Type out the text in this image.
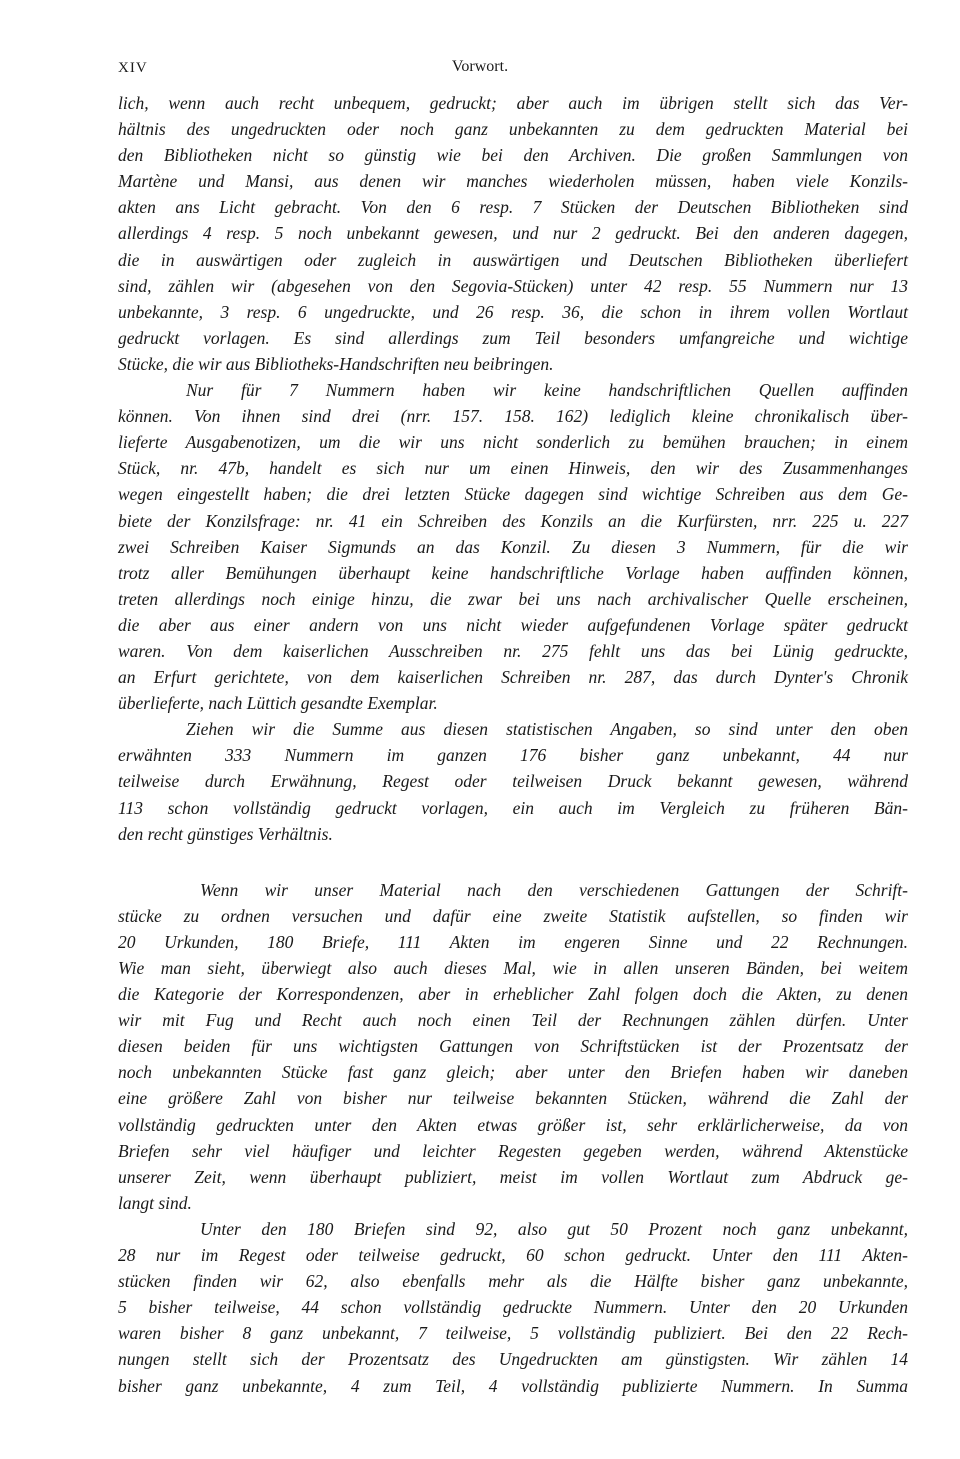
XIV	Vorwort.
lich, wenn auch recht unbequem, gedruckt; aber auch im übrigen stellt sich das Ver-
hältnis des ungedruckten oder noch ganz unbekannten zu dem gedruckten Material bei
den Bibliotheken nicht so günstig wie bei den Archiven. Die großen Sammlungen von
Martène und Mansi, aus denen wir manches wiederholen müssen, haben viele Konzils-
akten ans Licht gebracht. Von den 6 resp. 7 Stücken der Deutschen Bibliotheken sind
allerdings 4 resp. 5 noch unbekannt gewesen, und nur 2 gedruckt. Bei den anderen dagegen,
die in auswärtigen oder zugleich in auswärtigen und Deutschen Bibliotheken überliefert
sind, zählen wir (abgesehen von den Segovia-Stücken) unter 42 resp. 55 Nummern nur 13
unbekannte, 3 resp. 6 ungedruckte, und 26 resp. 36, die schon in ihrem vollen Wortlaut
gedruckt vorlagen. Es sind allerdings zum Teil besonders umfangreiche und wichtige
Stücke, die wir aus Bibliotheks-Handschriften neu beibringen.
Nur für 7 Nummern haben wir keine handschriftlichen Quellen auffinden
können. Von ihnen sind drei (nrr. 157. 158. 162) lediglich kleine chronikalisch über-
lieferte Ausgabenotizen, um die wir uns nicht sonderlich zu bemühen brauchen; in einem
Stück, nr. 47b, handelt es sich nur um einen Hinweis, den wir des Zusammenhanges
wegen eingestellt haben; die drei letzten Stücke dagegen sind wichtige Schreiben aus dem Ge-
biete der Konzilsfrage: nr. 41 ein Schreiben des Konzils an die Kurfürsten, nrr. 225 u. 227
zwei Schreiben Kaiser Sigmunds an das Konzil. Zu diesen 3 Nummern, für die wir
trotz aller Bemühungen überhaupt keine handschriftliche Vorlage haben auffinden können,
treten allerdings noch einige hinzu, die zwar bei uns nach archivalischer Quelle erscheinen,
die aber aus einer andern von uns nicht wieder aufgefundenen Vorlage später gedruckt
waren. Von dem kaiserlichen Ausschreiben nr. 275 fehlt uns das bei Lünig gedruckte,
an Erfurt gerichtete, von dem kaiserlichen Schreiben nr. 287, das durch Dynter's Chronik
überlieferte, nach Lüttich gesandte Exemplar.
Ziehen wir die Summe aus diesen statistischen Angaben, so sind unter den oben
erwähnten 333 Nummern im ganzen 176 bisher ganz unbekannt, 44 nur
teilweise durch Erwähnung, Regest oder teilweisen Druck bekannt gewesen, während
113 schon vollständig gedruckt vorlagen, ein auch im Vergleich zu früheren Bän-
den recht günstiges Verhältnis.
Wenn wir unser Material nach den verschiedenen Gattungen der Schrift-
stücke zu ordnen versuchen und dafür eine zweite Statistik aufstellen, so finden wir
20 Urkunden, 180 Briefe, 111 Akten im engeren Sinne und 22 Rechnungen.
Wie man sieht, überwiegt also auch dieses Mal, wie in allen unseren Bänden, bei weitem
die Kategorie der Korrespondenzen, aber in erheblicher Zahl folgen doch die Akten, zu denen
wir mit Fug und Recht auch noch einen Teil der Rechnungen zählen dürfen. Unter
diesen beiden für uns wichtigsten Gattungen von Schriftstücken ist der Prozentsatz der
noch unbekannten Stücke fast ganz gleich; aber unter den Briefen haben wir daneben
eine größere Zahl von bisher nur teilweise bekannten Stücken, während die Zahl der
vollständig gedruckten unter den Akten etwas größer ist, sehr erklärlicherweise, da von
Briefen sehr viel häufiger und leichter Regesten gegeben werden, während Aktenstücke
unserer Zeit, wenn überhaupt publiziert, meist im vollen Wortlaut zum Abdruck ge-
langt sind.
Unter den 180 Briefen sind 92, also gut 50 Prozent noch ganz unbekannt,
28 nur im Regest oder teilweise gedruckt, 60 schon gedruckt. Unter den 111 Akten-
stücken finden wir 62, also ebenfalls mehr als die Hälfte bisher ganz unbekannte,
5 bisher teilweise, 44 schon vollständig gedruckte Nummern. Unter den 20 Urkunden
waren bisher 8 ganz unbekannt, 7 teilweise, 5 vollständig publiziert. Bei den 22 Rech-
nungen stellt sich der Prozentsatz des Ungedruckten am günstigsten. Wir zählen 14
bisher ganz unbekannte, 4 zum Teil, 4 vollständig publizierte Nummern. In Summa
